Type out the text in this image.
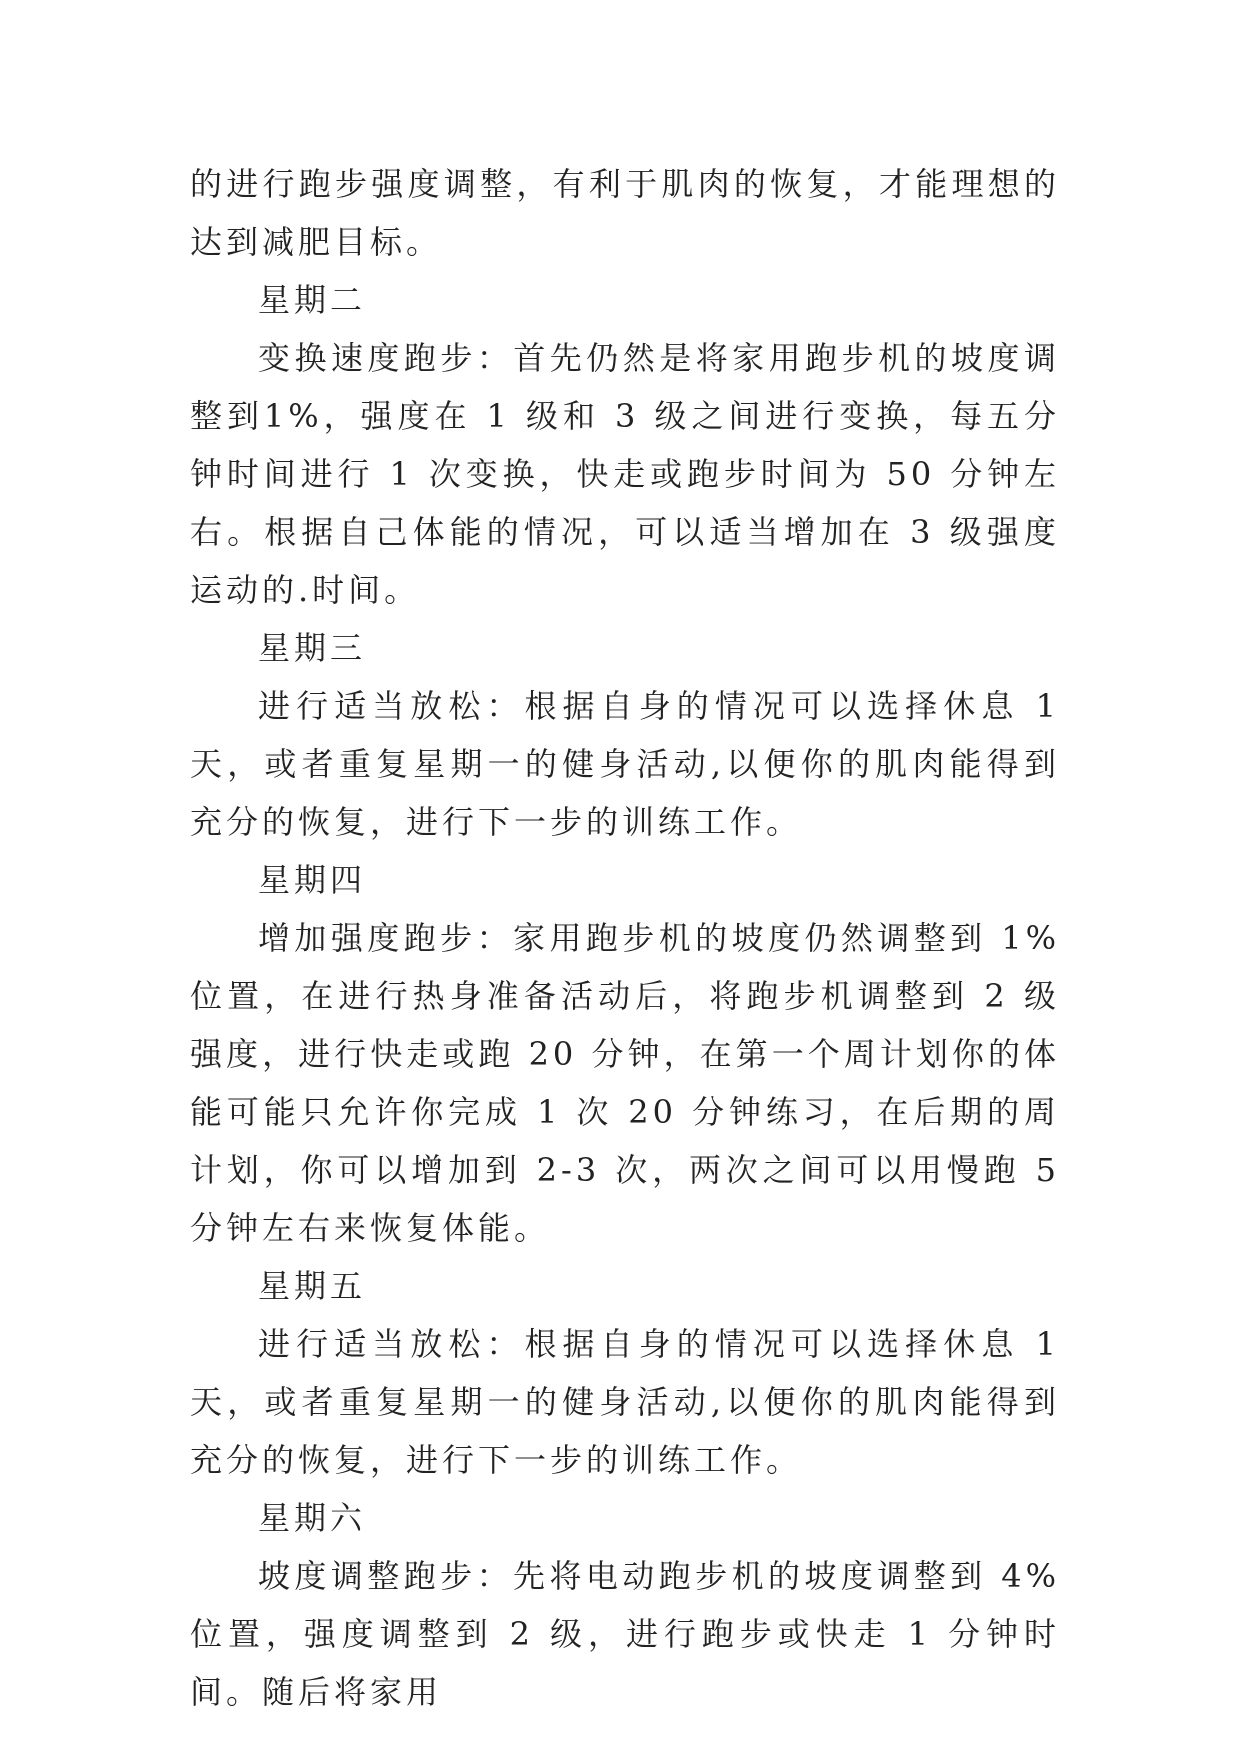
的进行跑步强度调整，有利于肌肉的恢复，才能理想的达到减肥目标。

星期二

变换速度跑步：首先仍然是将家用跑步机的坡度调整到1%，强度在 1 级和 3 级之间进行变换，每五分钟时间进行 1 次变换，快走或跑步时间为 50 分钟左右。根据自己体能的情况，可以适当增加在 3 级强度运动的.时间。

星期三

进行适当放松：根据自身的情况可以选择休息 1 天，或者重复星期一的健身活动,以便你的肌肉能得到充分的恢复，进行下一步的训练工作。

星期四

增加强度跑步：家用跑步机的坡度仍然调整到 1%位置，在进行热身准备活动后，将跑步机调整到 2 级强度，进行快走或跑 20 分钟，在第一个周计划你的体能可能只允许你完成 1 次 20 分钟练习，在后期的周计划，你可以增加到 2-3 次，两次之间可以用慢跑 5 分钟左右来恢复体能。

星期五

进行适当放松：根据自身的情况可以选择休息 1 天，或者重复星期一的健身活动,以便你的肌肉能得到充分的恢复，进行下一步的训练工作。

星期六

坡度调整跑步：先将电动跑步机的坡度调整到 4%位置，强度调整到 2 级，进行跑步或快走 1 分钟时间。随后将家用
